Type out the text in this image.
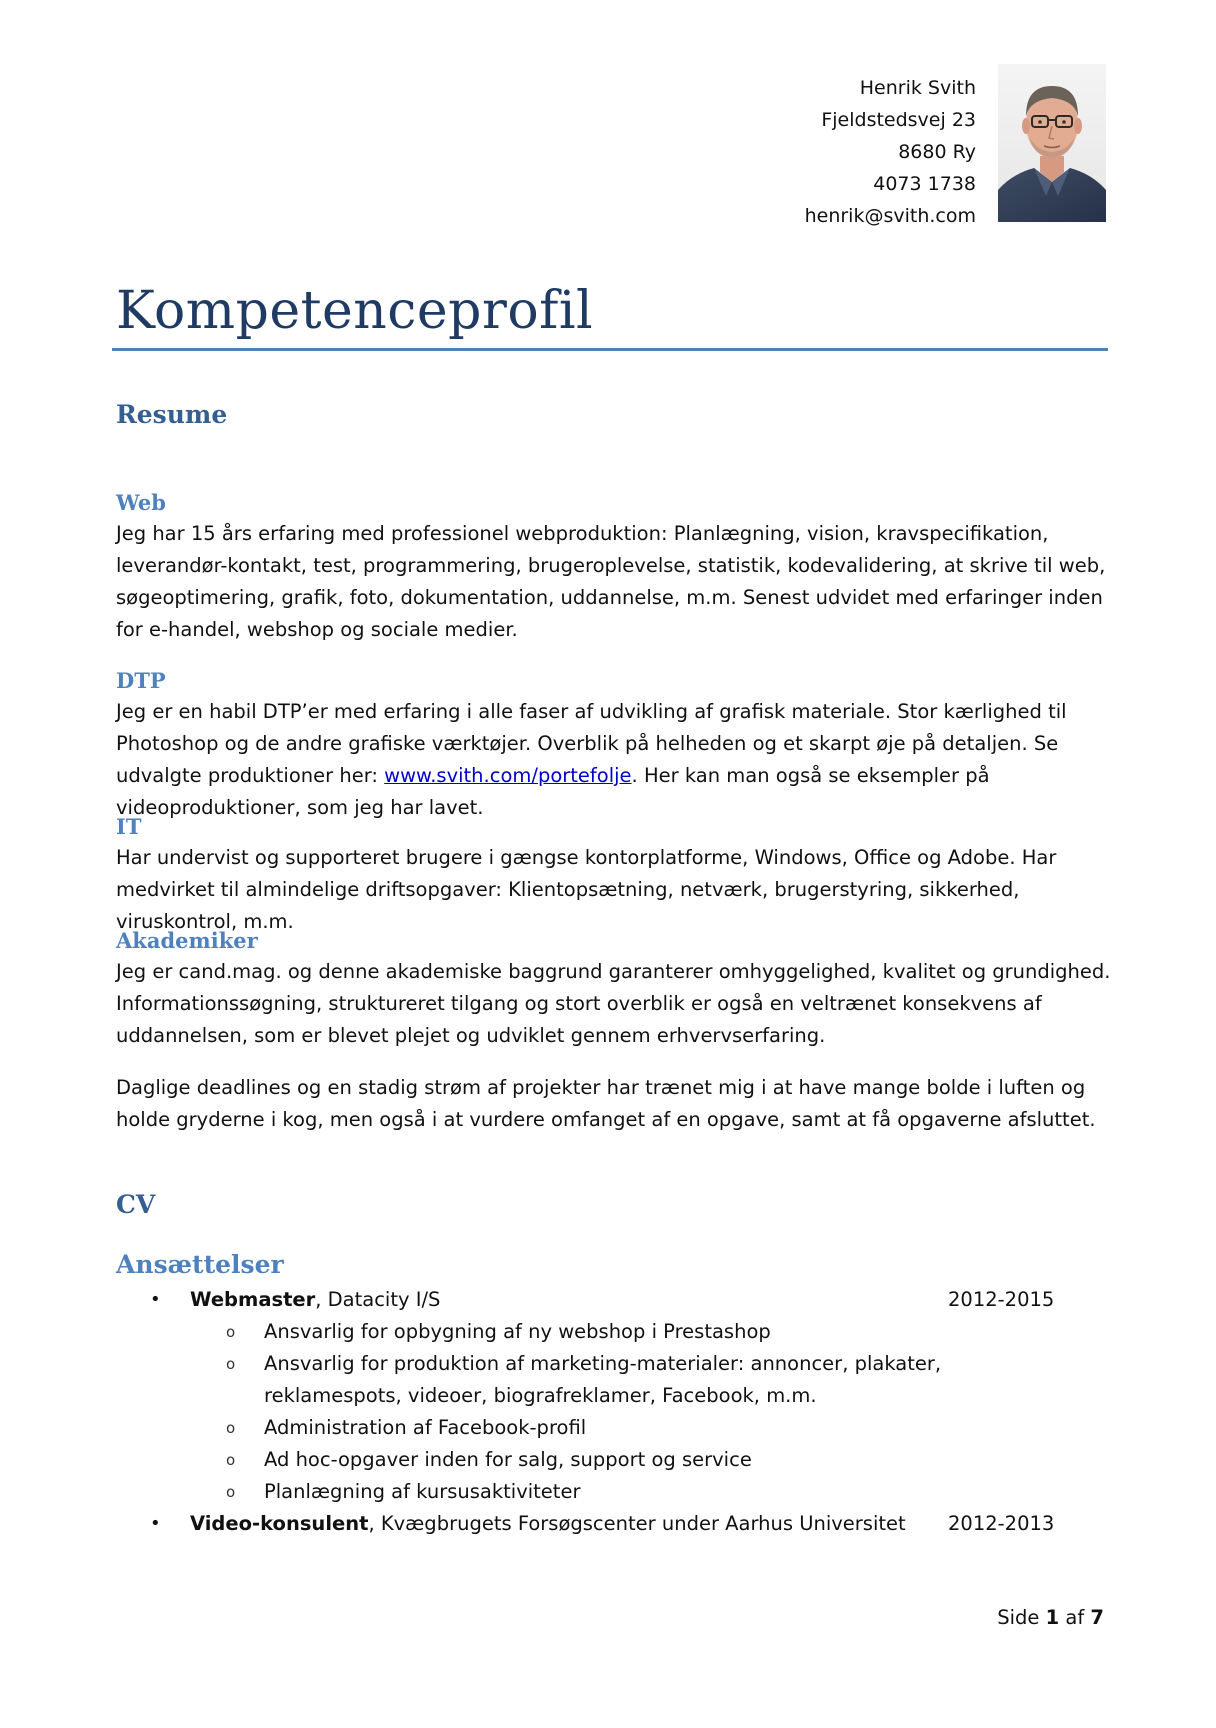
Henrik Svith
Fjeldstedsvej 23
8680 Ry
4073 1738
henrik@svith.com
Kompetenceprofil
Resume
Web

Jeg har 15 års erfaring med professionel webproduktion: Planlægning, vision, kravspecifikation, leverandør-kontakt, test, programmering, brugeroplevelse, statistik, kodevalidering, at skrive til web, søgeoptimering, grafik, foto, dokumentation, uddannelse, m.m. Senest udvidet med erfaringer inden for e-handel, webshop og sociale medier.

DTP

Jeg er en habil DTP’er med erfaring i alle faser af udvikling af grafisk materiale. Stor kærlighed til Photoshop og de andre grafiske værktøjer. Overblik på helheden og et skarpt øje på detaljen. Se udvalgte produktioner her: www.svith.com/portefolje. Her kan man også se eksempler på videoproduktioner, som jeg har lavet.

IT

Har undervist og supporteret brugere i gængse kontorplatforme, Windows, Office og Adobe. Har medvirket til almindelige driftsopgaver: Klientopsætning, netværk, brugerstyring, sikkerhed, viruskontrol, m.m.

Akademiker

Jeg er cand.mag. og denne akademiske baggrund garanterer omhyggelighed, kvalitet og grundighed. Informationssøgning, struktureret tilgang og stort overblik er også en veltrænet konsekvens af uddannelsen, som er blevet plejet og udviklet gennem erhvervserfaring.

Daglige deadlines og en stadig strøm af projekter har trænet mig i at have mange bolde i luften og holde gryderne i kog, men også i at vurdere omfanget af en opgave, samt at få opgaverne afsluttet.

CV
Ansættelser
• Webmaster, Datacity I/S	2012-2015
o Ansvarlig for opbygning af ny webshop i Prestashop
o Ansvarlig for produktion af marketing-materialer: annoncer, plakater, reklamespots, videoer, biografreklamer, Facebook, m.m.
o Administration af Facebook-profil
o Ad hoc-opgaver inden for salg, support og service
o Planlægning af kursusaktiviteter
• Video-konsulent, Kvægbrugets Forsøgscenter under Aarhus Universitet 2012-2013
Side 1 af 7
